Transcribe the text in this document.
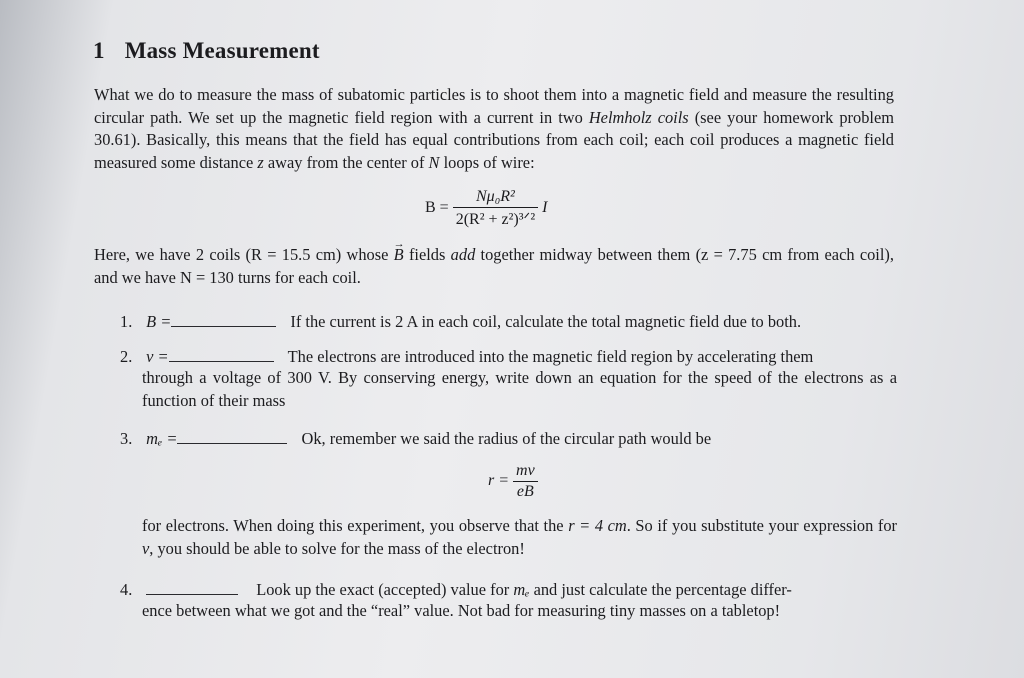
1 Mass Measurement
What we do to measure the mass of subatomic particles is to shoot them into a magnetic field and measure the resulting circular path. We set up the magnetic field region with a current in two Helmholz coils (see your homework problem 30.61). Basically, this means that the field has equal contributions from each coil; each coil produces a magnetic field measured some distance z away from the center of N loops of wire:
$B = \frac{\text{Nμ₀R²}}{\text{2(R² + z²)³ᐟ²}}$ I
Here, we have 2 coils (R = 15.5 cm) whose → B fields add together midway between them (z = 7.75 cm from each coil), and we have N = 130 turns for each coil.
1. B =	If the current is 2 A in each coil, calculate the total magnetic field due to both.
2. v =	The electrons are introduced into the magnetic field region by accelerating them
through a voltage of 300 V. By conserving energy, write down an equation for the speed of the electrons as a function of their mass
3. mₑ =	Ok, remember we said the radius of the circular path would be
$r = \frac{mv}{eB}$
for electrons. When doing this experiment, you observe that the r = 4 cm. So if you substitute your expression for v, you should be able to solve for the mass of the electron!
4.	Look up the exact (accepted) value for mₑ and just calculate the percentage differ-
ence between what we got and the “real” value. Not bad for measuring tiny masses on a tabletop!
